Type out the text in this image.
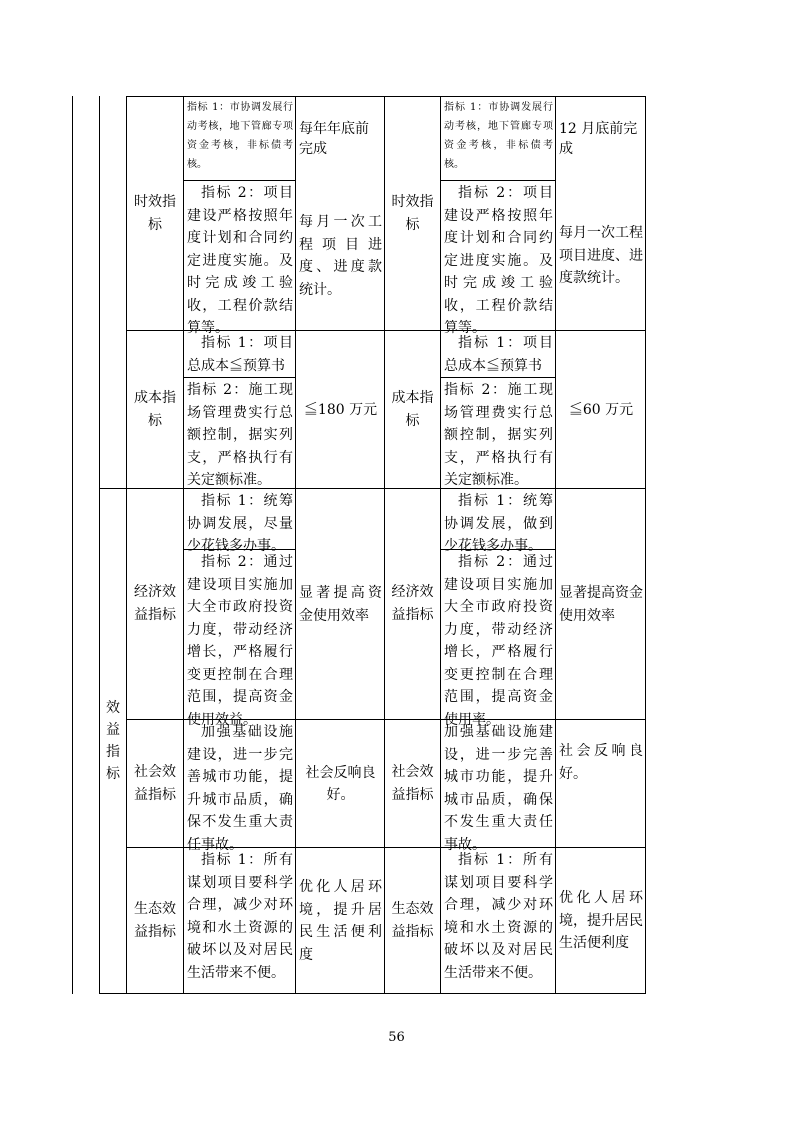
效益指标
时效指标
指标 1：市协调发展行动考核，地下管廊专项资金考核，非标债考核。
每年年底前完成
指标 2：项目建设严格按照年度计划和合同约定进度实施。及时完成竣工验收，工程价款结算等。
每月一次工程项目进度、进度款统计。
时效指标
指标 1：市协调发展行动考核，地下管廊专项资金考核，非标债考核。
12 月底前完成
指标 2：项目建设严格按照年度计划和合同约定进度实施。及时完成竣工验收，工程价款结算等。
每月一次工程项目进度、进度款统计。
成本指标
指标 1：项目总成本≦预算书
指标 2：施工现场管理费实行总额控制，据实列支，严格执行有关定额标准。
≦180 万元
成本指标
指标 1：项目总成本≦预算书
指标 2：施工现场管理费实行总额控制，据实列支，严格执行有关定额标准。
≦60 万元
经济效益指标
指标 1：统筹协调发展，尽量少花钱多办事。
指标 2：通过建设项目实施加大全市政府投资力度，带动经济增长，严格履行变更控制在合理范围，提高资金使用效益。
显著提高资金使用效率
经济效益指标
指标 1：统筹协调发展，做到少花钱多办事。
指标 2：通过建设项目实施加大全市政府投资力度，带动经济增长，严格履行变更控制在合理范围，提高资金使用率。
显著提高资金使用效率
社会效益指标
加强基础设施建设，进一步完善城市功能，提升城市品质，确保不发生重大责任事故。
社会反响良好。
社会效益指标
加强基础设施建设，进一步完善城市功能，提升城市品质，确保不发生重大责任事故。
社会反响良好。
生态效益指标
指标 1：所有谋划项目要科学合理，减少对环境和水土资源的破坏以及对居民生活带来不便。
优化人居环境，提升居民生活便利度
生态效益指标
指标 1：所有谋划项目要科学合理，减少对环境和水土资源的破坏以及对居民生活带来不便。
优化人居环境，提升居民生活便利度
56
